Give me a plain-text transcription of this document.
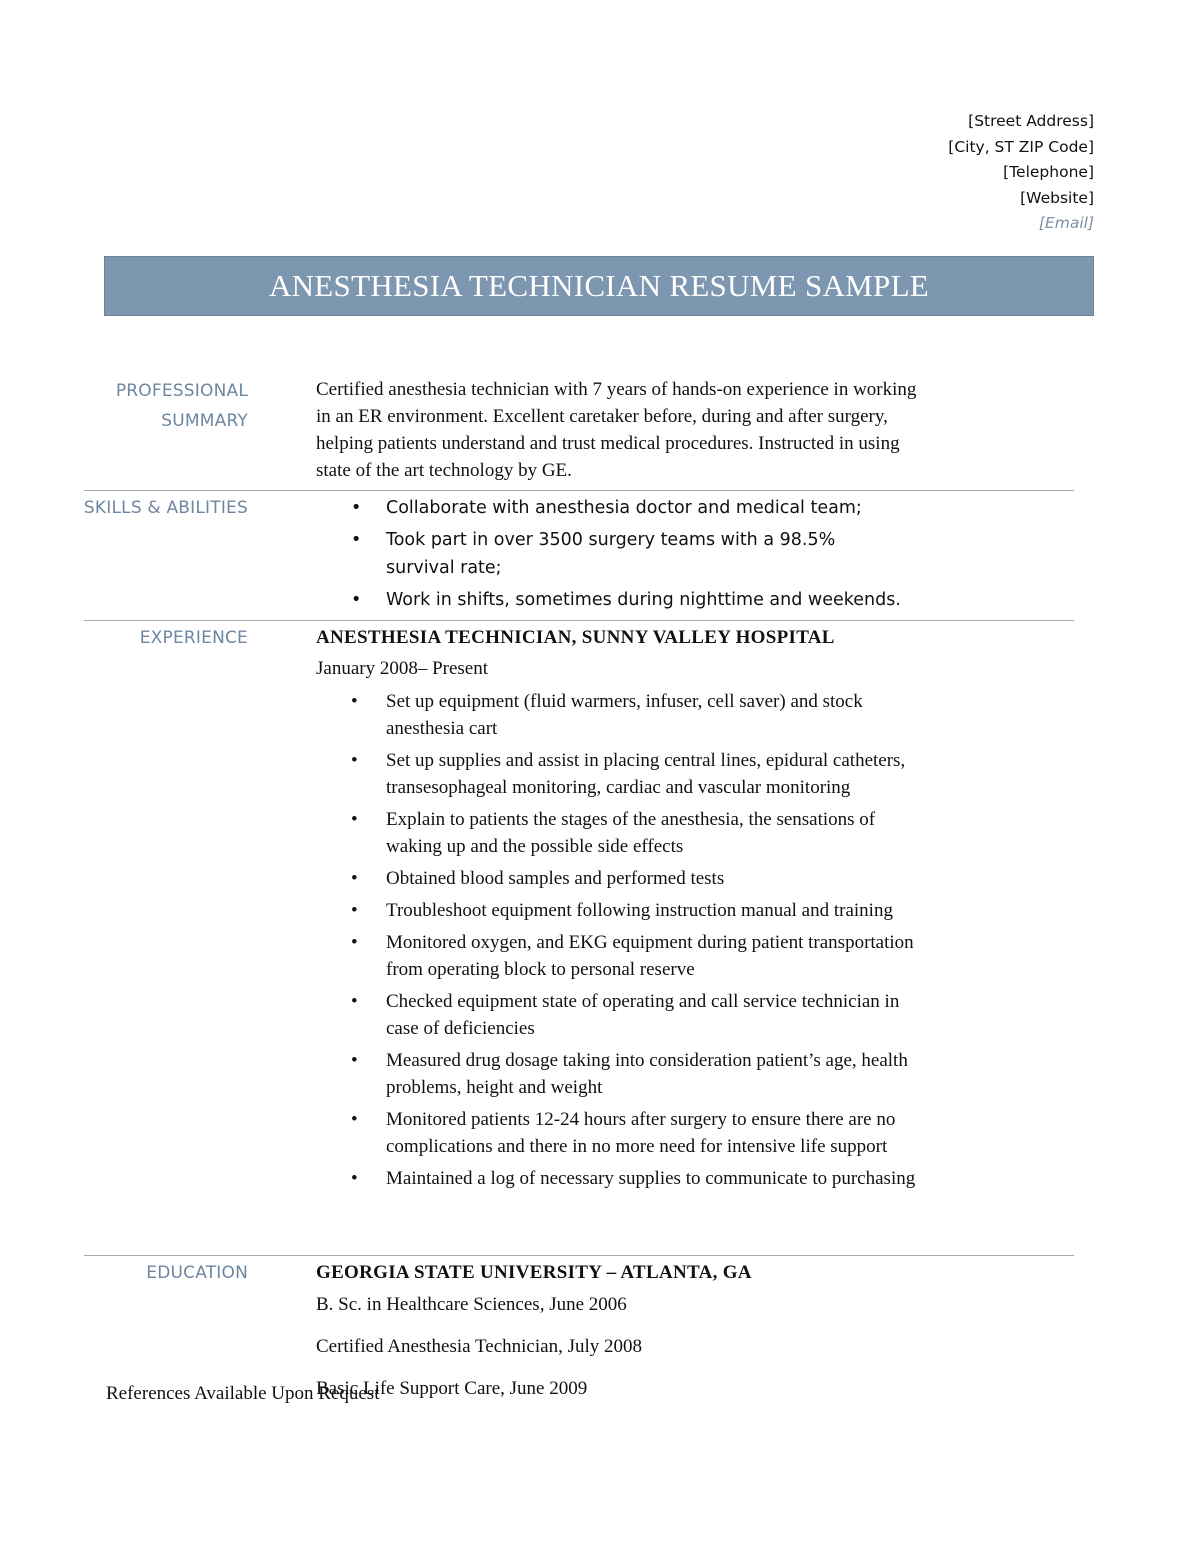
[Street Address]
[City, ST ZIP Code]
[Telephone]
[Website]
[Email]
ANESTHESIA TECHNICIAN RESUME SAMPLE
PROFESSIONAL
SUMMARY
Certified anesthesia technician with 7 years of hands-on experience in working in an ER environment. Excellent caretaker before, during and after surgery, helping patients understand and trust medical procedures. Instructed in using state of the art technology by GE.
SKILLS & ABILITIES
•	Collaborate with anesthesia doctor and medical team;
• Took part in over 3500 surgery teams with a 98.5% survival rate;
• Work in shifts, sometimes during nighttime and weekends.
EXPERIENCE	ANESTHESIA TECHNICIAN, SUNNY VALLEY HOSPITAL
January 2008– Present
• Set up equipment (fluid warmers, infuser, cell saver) and stock anesthesia cart
• Set up supplies and assist in placing central lines, epidural catheters, transesophageal monitoring, cardiac and vascular monitoring
• Explain to patients the stages of the anesthesia, the sensations of waking up and the possible side effects
• Obtained blood samples and performed tests
• Troubleshoot equipment following instruction manual and training
• Monitored oxygen, and EKG equipment during patient transportation from operating block to personal reserve
• Checked equipment state of operating and call service technician in case of deficiencies
• Measured drug dosage taking into consideration patient’s age, health problems, height and weight
• Monitored patients 12-24 hours after surgery to ensure there are no complications and there in no more need for intensive life support
• Maintained a log of necessary supplies to communicate to purchasing
EDUCATION	GEORGIA STATE UNIVERSITY – ATLANTA, GA
B. Sc. in Healthcare Sciences, June 2006
Certified Anesthesia Technician, July 2008
Basic Life Support Care, June 2009
References Available Upon Request
